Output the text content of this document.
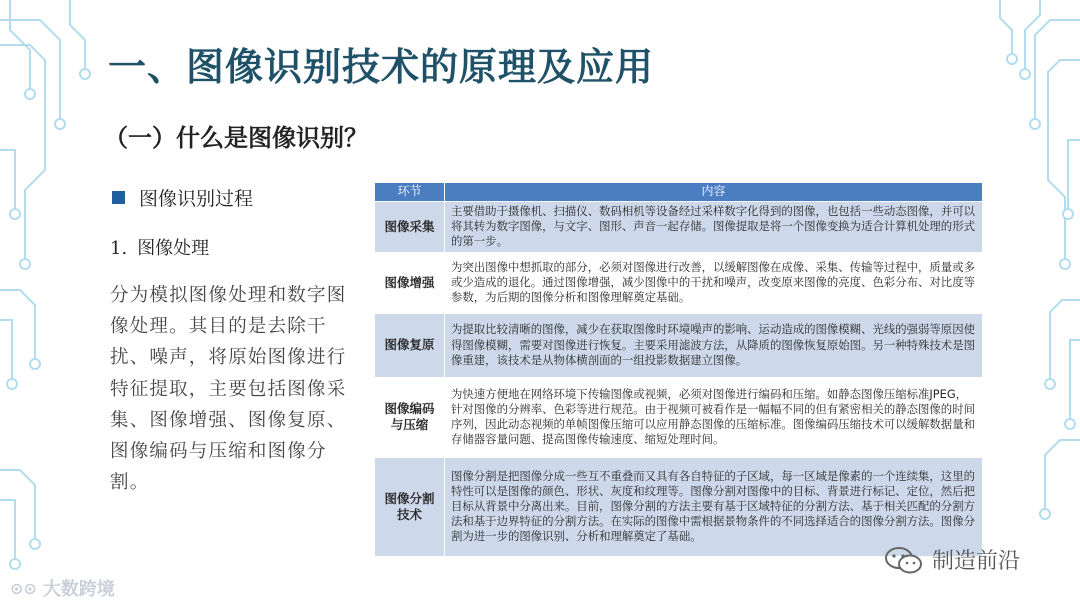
一、图像识别技术的原理及应用
（一）什么是图像识别？
图像识别过程
1. 图像处理
分为模拟图像处理和数字图像处理。其目的是去除干扰、噪声，将原始图像进行特征提取，主要包括图像采集、图像增强、图像复原、图像编码与压缩和图像分割。
环节	内容
图像采集	主要借助于摄像机、扫描仪、数码相机等设备经过采样数字化得到的图像，也包括一些动态图像，并可以将其转为数字图像，与文字、图形、声音一起存储。图像提取是将一个图像变换为适合计算机处理的形式的第一步。
图像增强	为突出图像中想抓取的部分，必须对图像进行改善，以缓解图像在成像、采集、传输等过程中，质量或多或少造成的退化。通过图像增强，减少图像中的干扰和噪声，改变原来图像的亮度、色彩分布、对比度等参数，为后期的图像分析和图像理解奠定基础。
图像复原	为提取比较清晰的图像，减少在获取图像时环境噪声的影响、运动造成的图像模糊、光线的强弱等原因使得图像模糊，需要对图像进行恢复。主要采用滤波方法，从降质的图像恢复原始图。另一种特殊技术是图像重建，该技术是从物体横剖面的一组投影数据建立图像。
图像编码与压缩	为快速方便地在网络环境下传输图像或视频，必须对图像进行编码和压缩。如静态图像压缩标准JPEG，针对图像的分辨率、色彩等进行规范。由于视频可被看作是一幅幅不同的但有紧密相关的静态图像的时间序列，因此动态视频的单帧图像压缩可以应用静态图像的压缩标准。图像编码压缩技术可以缓解数据量和存储器容量问题、提高图像传输速度、缩短处理时间。
图像分割技术	图像分割是把图像分成一些互不重叠而又具有各自特征的子区域，每一区域是像素的一个连续集，这里的特性可以是图像的颜色、形状、灰度和纹理等。图像分割对图像中的目标、背景进行标记、定位，然后把目标从背景中分离出来。目前，图像分割的方法主要有基于区域特征的分割方法、基于相关匹配的分割方法和基于边界特征的分割方法。在实际的图像中需根据景物条件的不同选择适合的图像分割方法。图像分割为进一步的图像识别、分析和理解奠定了基础。
⊙⊙ 大数跨境
制造前沿
